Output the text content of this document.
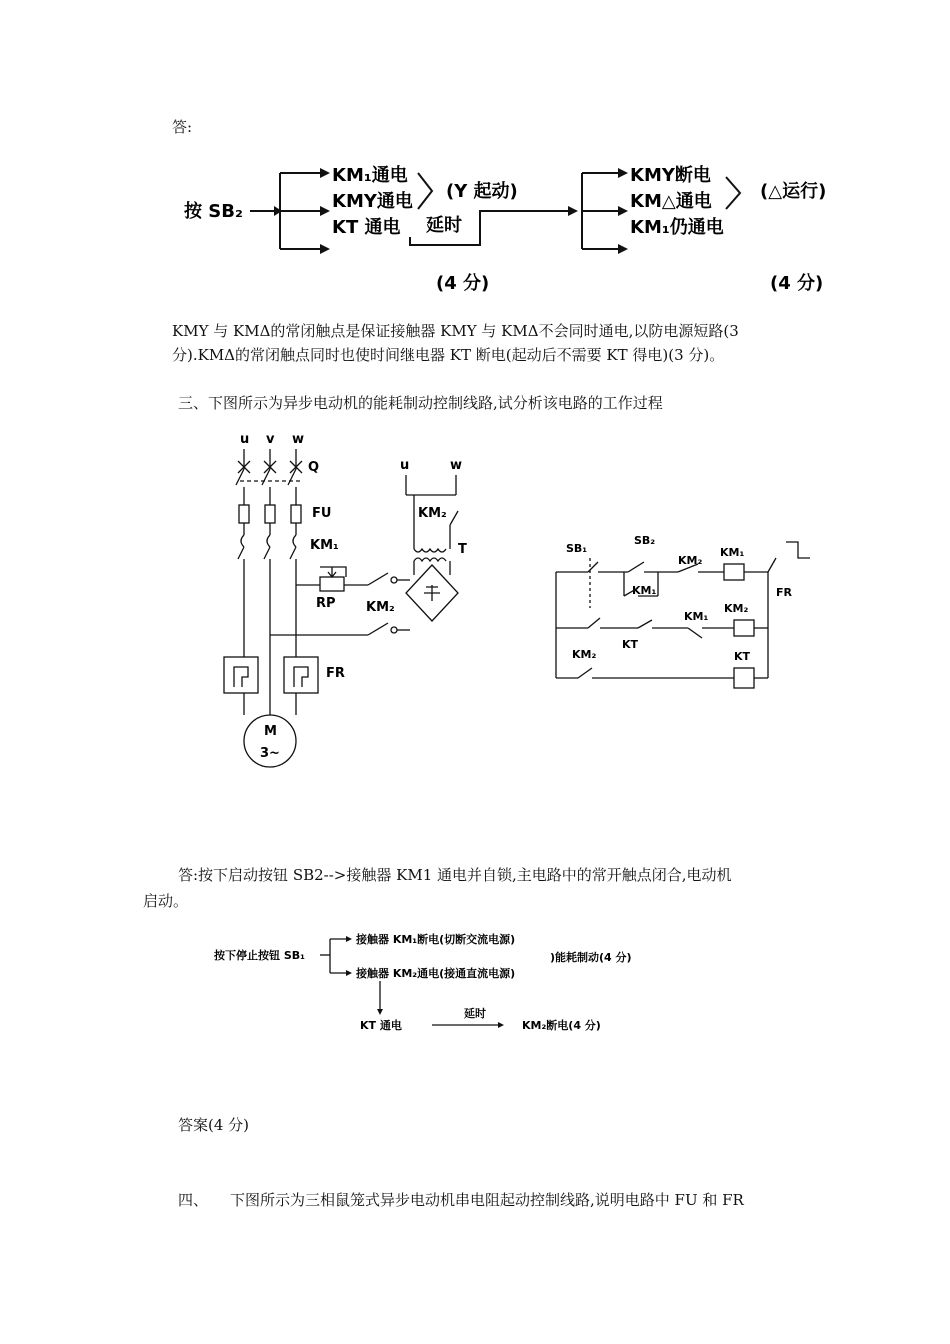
答:
按 SB₂
KM₁通电
KMY通电
KT 通电
(Y 起动)
延时
KMY断电
KM△通电
KM₁仍通电
(△运行)
(4 分)	(4 分)
KMY 与 KMΔ的常闭触点是保证接触器 KMY 与 KMΔ不会同时通电,以防电源短路(3
分).KMΔ的常闭触点同时也使时间继电器 KT 断电(起动后不需要 KT 得电)(3 分)。
三、下图所示为异步电动机的能耗制动控制线路,试分析该电路的工作过程
u v w
Q
FU
KM₁
RP KM₂
T
u	w
KM₂
FR
M
3~
SB₁
SB₂
KM₂
KM₁
FR
KM₁
KM₂
KT
KM₁
KT
KM₂
答:按下启动按钮 SB2-->接触器 KM1 通电并自锁,主电路中的常开触点闭合,电动机
启动。
按下停止按钮 SB₁
接触器 KM₁断电(切断交流电源)
接触器 KM₂通电(接通直流电源)
)能耗制动(4 分)
KT 通电
延时
KM₂断电(4 分)
答案(4 分)
四、 下图所示为三相鼠笼式异步电动机串电阻起动控制线路,说明电路中 FU 和 FR
